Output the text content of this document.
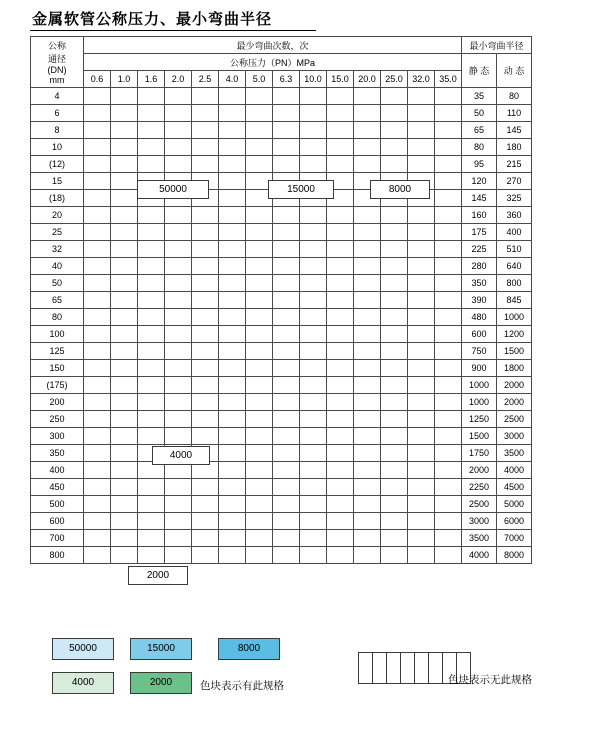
金属软管公称压力、最小弯曲半径
公称
通径
(DN)
mm	最少弯曲次数，次														最小弯曲半径	
	公称压力（PN）MPa														静 态	动 态
	0.6	1.0	1.6	2.0	2.5	4.0	5.0	6.3	10.0	15.0	20.0	25.0	32.0	35.0		
4															35	80
6															50	110
8															65	145
10															80	180
(12)															95	215
15															120	270
(18)															145	325
20															160	360
25															175	400
32															225	510
40															280	640
50															350	800
65															390	845
80															480	1000
100															600	1200
125															750	1500
150															900	1800
(175)															1000	2000
200															1000	2000
250															1250	2500
300															1500	3000
350															1750	3500
400															2000	4000
450															2250	4500
500															2500	5000
600															3000	6000
700															3500	7000
800															4000	8000
50000	15000	8000
4000
2000

色块表示无此规格
色块表示有此规格
50000	15000	8000
4000	2000
